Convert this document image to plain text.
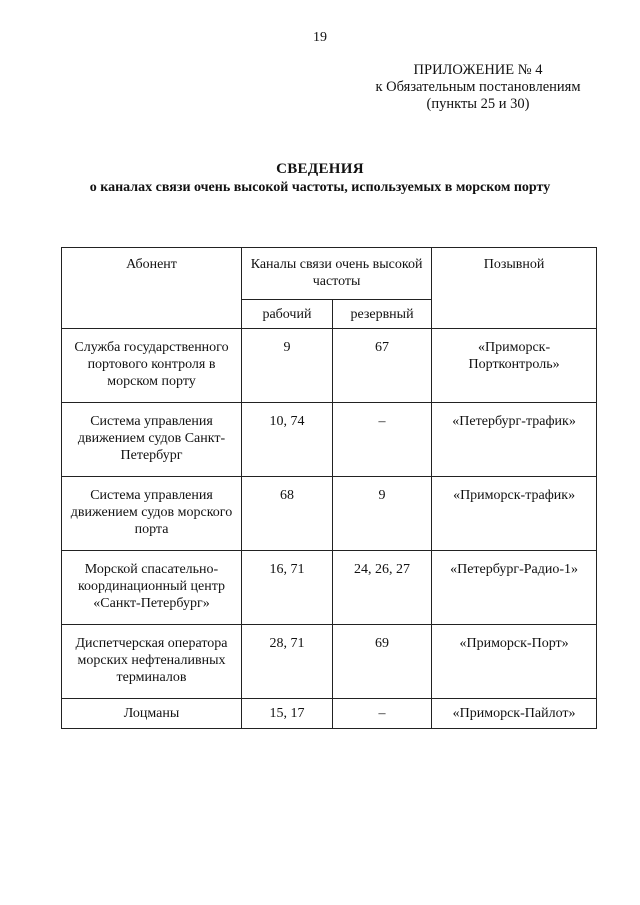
19
ПРИЛОЖЕНИЕ № 4
к Обязательным постановлениям
(пункты 25 и 30)
СВЕДЕНИЯ
о каналах связи очень высокой частоты, используемых в морском порту
Абонент	Каналы связи очень высокой частоты		Позывной
	рабочий	резервный	
Служба государственного портового контроля в морском порту	9	67	«Приморск-Портконтроль»
Система управления движением судов Санкт-Петербург	10, 74	–	«Петербург-трафик»
Система управления движением судов морского порта	68	9	«Приморск-трафик»
Морской спасательно-координационный центр «Санкт-Петербург»	16, 71	24, 26, 27	«Петербург-Радио-1»
Диспетчерская оператора морских нефтеналивных терминалов	28, 71	69	«Приморск-Порт»
Лоцманы	15, 17	–	«Приморск-Пайлот»
